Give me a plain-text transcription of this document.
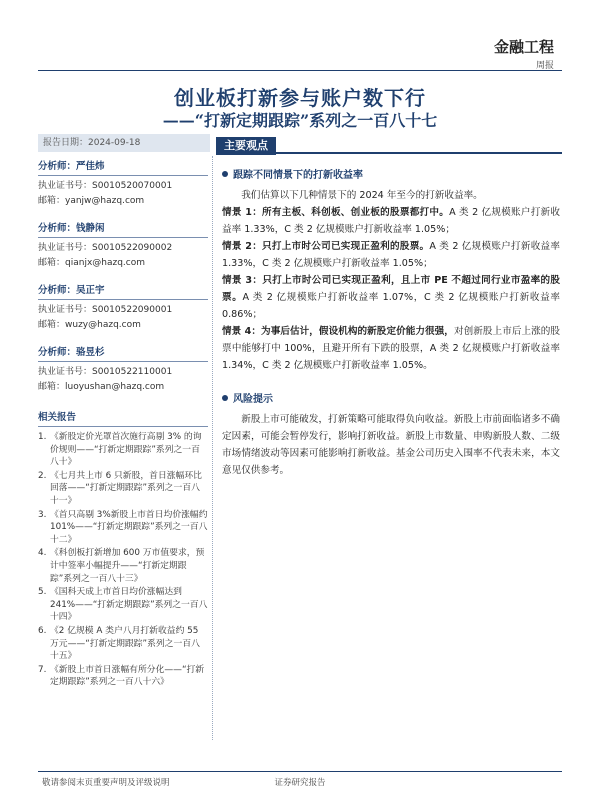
金融工程
周报
创业板打新参与账户数下行
——“打新定期跟踪”系列之一百八十七
报告日期：2024-09-18	主要观点
分析师：严佳炜
执业证书号：S0010520070001
邮箱：yanjw@hazq.com
分析师：钱静闲
执业证书号：S0010522090002
邮箱：qianjx@hazq.com
分析师：吴正宇
执业证书号：S0010522090001
邮箱：wuzy@hazq.com
分析师：骆昱杉
执业证书号：S0010522110001
邮箱：luoyushan@hazq.com
相关报告
1. 《新股定价光罩首次施行高剔 3% 的询价规则——“打新定期跟踪”系列之一百八十》
2. 《七月共上市 6 只新股，首日涨幅环比回落——“打新定期跟踪”系列之一百八十一》
3. 《首只高剔 3%新股上市首日均价涨幅约 101%——“打新定期跟踪”系列之一百八十二》
4. 《科创板打新增加 600 万市值要求，预计中签率小幅提升——“打新定期跟踪”系列之一百八十三》
5. 《国科天成上市首日均价涨幅达到 241%——“打新定期跟踪”系列之一百八十四》
6. 《2 亿规模 A 类户八月打新收益约 55 万元——“打新定期跟踪”系列之一百八十五》
7. 《新股上市首日涨幅有所分化——“打新定期跟踪”系列之一百八十六》
跟踪不同情景下的打新收益率

我们估算以下几种情景下的 2024 年至今的打新收益率。

情景 1：所有主板、科创板、创业板的股票都打中。A 类 2 亿规模账户打新收益率 1.33%，C 类 2 亿规模账户打新收益率 1.05%；

情景 2：只打上市时公司已实现正盈利的股票。A 类 2 亿规模账户打新收益率 1.33%，C 类 2 亿规模账户打新收益率 1.05%；

情景 3：只打上市时公司已实现正盈利，且上市 PE 不超过同行业市盈率的股票。A 类 2 亿规模账户打新收益率 1.07%，C 类 2 亿规模账户打新收益率 0.86%；

情景 4：为事后估计，假设机构的新股定价能力很强，对创新股上市后上涨的股票中能够打中 100%，且避开所有下跌的股票，A 类 2 亿规模账户打新收益率 1.34%，C 类 2 亿规模账户打新收益率 1.05%。

风险提示

新股上市可能破发，打新策略可能取得负向收益。新股上市前面临诸多不确定因素，可能会暂停发行，影响打新收益。新股上市数量、申购新股人数、二级市场情绪波动等因素可能影响打新收益。基金公司历史入围率不代表未来，本文意见仅供参考。

敬请参阅末页重要声明及评级说明	证券研究报告
